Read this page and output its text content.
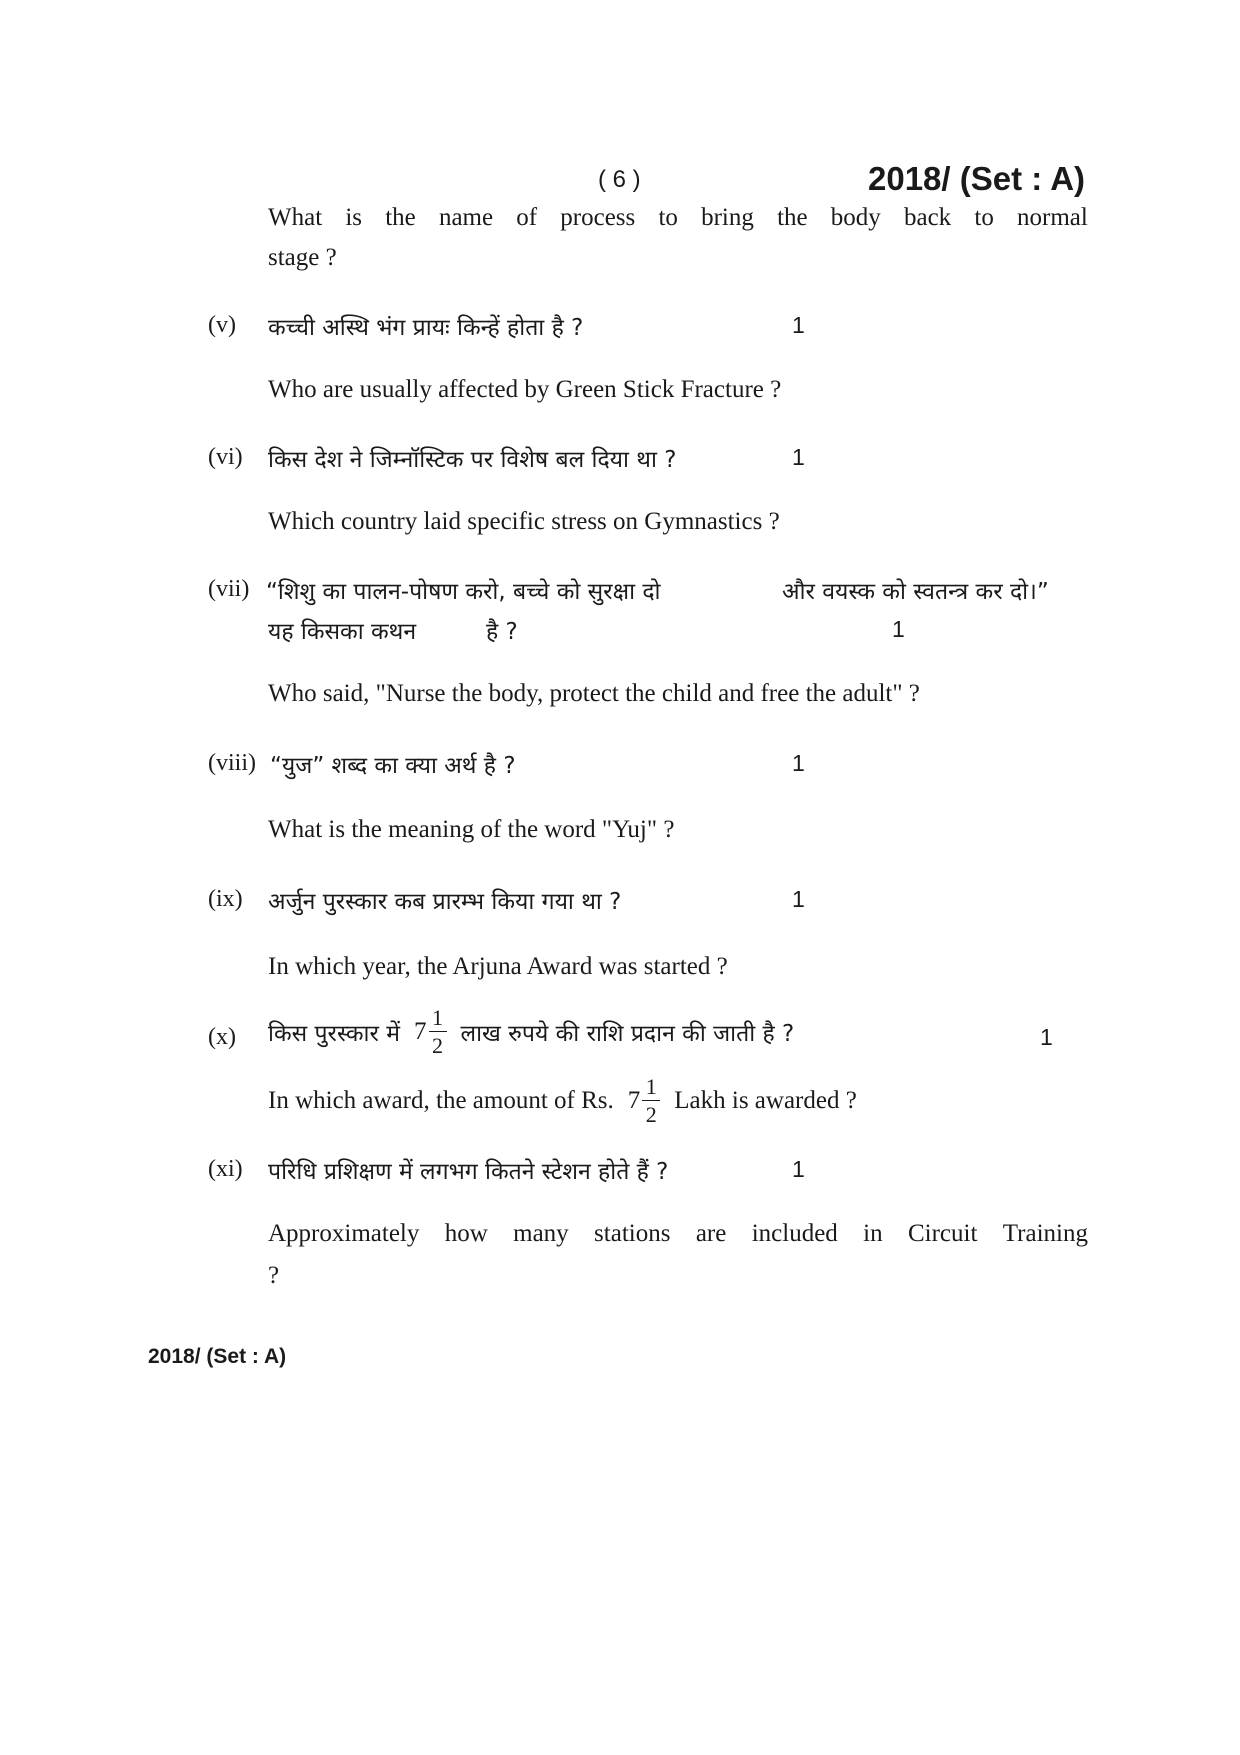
( 6 )	2018/ (Set : A)
What is the name of process to bring the body back to normal
stage ?
(v) कच्ची अस्थि भंग प्रायः किन्हें होता है ?	1
Who are usually affected by Green Stick Fracture ?
(vi) किस देश ने जिम्नॉस्टिक पर विशेष बल दिया था ?	1
Which country laid specific stress on Gymnastics ?
(vii) “शिशु का पालन-पोषण करो, बच्चे को सुरक्षा दो	और वयस्क को स्वतन्त्र कर दो।”
यह किसका कथन	है ?	1
Who said, "Nurse the body, protect the child and free the adult" ?
(viii) “युज” शब्द का क्या अर्थ है ?	1
What is the meaning of the word "Yuj" ?
(ix) अर्जुन पुरस्कार कब प्रारम्भ किया गया था ?	1
In which year, the Arjuna Award was started ?
(x) किस पुरस्कार में $7 \frac{1}{2}$ लाख रुपये की राशि प्रदान की जाती है ?	1
In which award, the amount of Rs. $7 \frac{1}{2}$ Lakh is awarded ?
(xi) परिधि प्रशिक्षण में लगभग कितने स्टेशन होते हैं ?	1
Approximately how many stations are included in Circuit Training
?
2018/ (Set : A)
